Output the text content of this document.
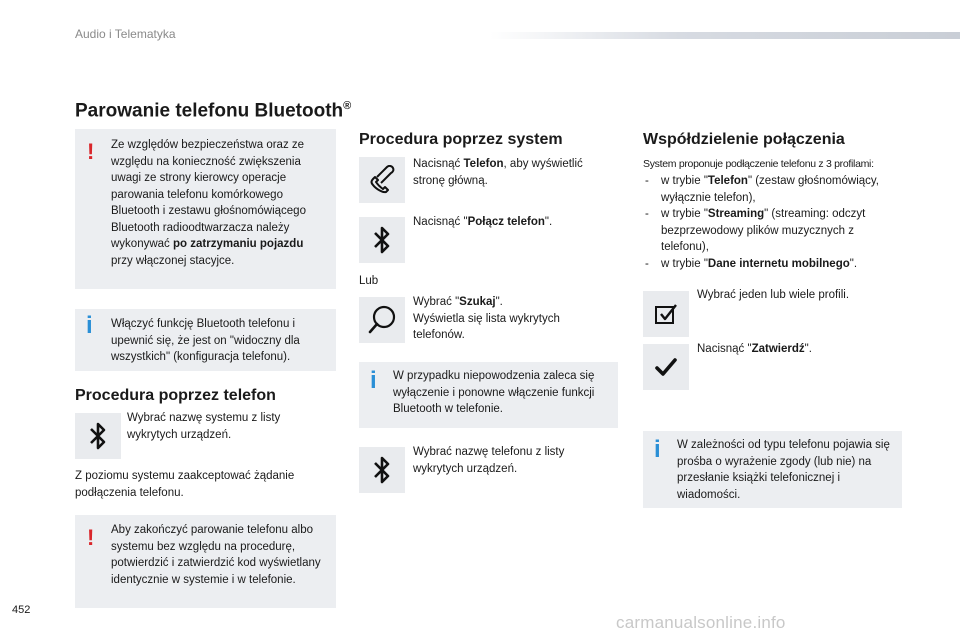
Audio i Telematyka
Parowanie telefonu Bluetooth®
! Ze względów bezpieczeństwa oraz ze względu na konieczność zwiększenia uwagi ze strony kierowcy operacje parowania telefonu komórkowego Bluetooth i zestawu głośnomówiącego Bluetooth radioodtwarzacza należy wykonywać po zatrzymaniu pojazdu przy włączonej stacyjce.
i Włączyć funkcję Bluetooth telefonu i upewnić się, że jest on "widoczny dla wszystkich" (konfiguracja telefonu).
Procedura poprzez telefon
Wybrać nazwę systemu z listy wykrytych urządzeń.
Z poziomu systemu zaakceptować żądanie podłączenia telefonu.
! Aby zakończyć parowanie telefonu albo systemu bez względu na procedurę, potwierdzić i zatwierdzić kod wyświetlany identycznie w systemie i w telefonie.
Procedura poprzez system
Nacisnąć Telefon, aby wyświetlić stronę główną.
Nacisnąć "Połącz telefon".
Lub
Wybrać "Szukaj".
Wyświetla się lista wykrytych telefonów.
i W przypadku niepowodzenia zaleca się wyłączenie i ponowne włączenie funkcji Bluetooth w telefonie.
Wybrać nazwę telefonu z listy wykrytych urządzeń.
Współdzielenie połączenia
System proponuje podłączenie telefonu z 3 profilami:
- w trybie "Telefon" (zestaw głośnomówiący, wyłącznie telefon),
- w trybie "Streaming" (streaming: odczyt bezprzewodowy plików muzycznych z telefonu),
- w trybie "Dane internetu mobilnego".
Wybrać jeden lub wiele profili.
Nacisnąć "Zatwierdź".
i W zależności od typu telefonu pojawia się prośba o wyrażenie zgody (lub nie) na przesłanie książki telefonicznej i wiadomości.
452
carmanualsonline.info
